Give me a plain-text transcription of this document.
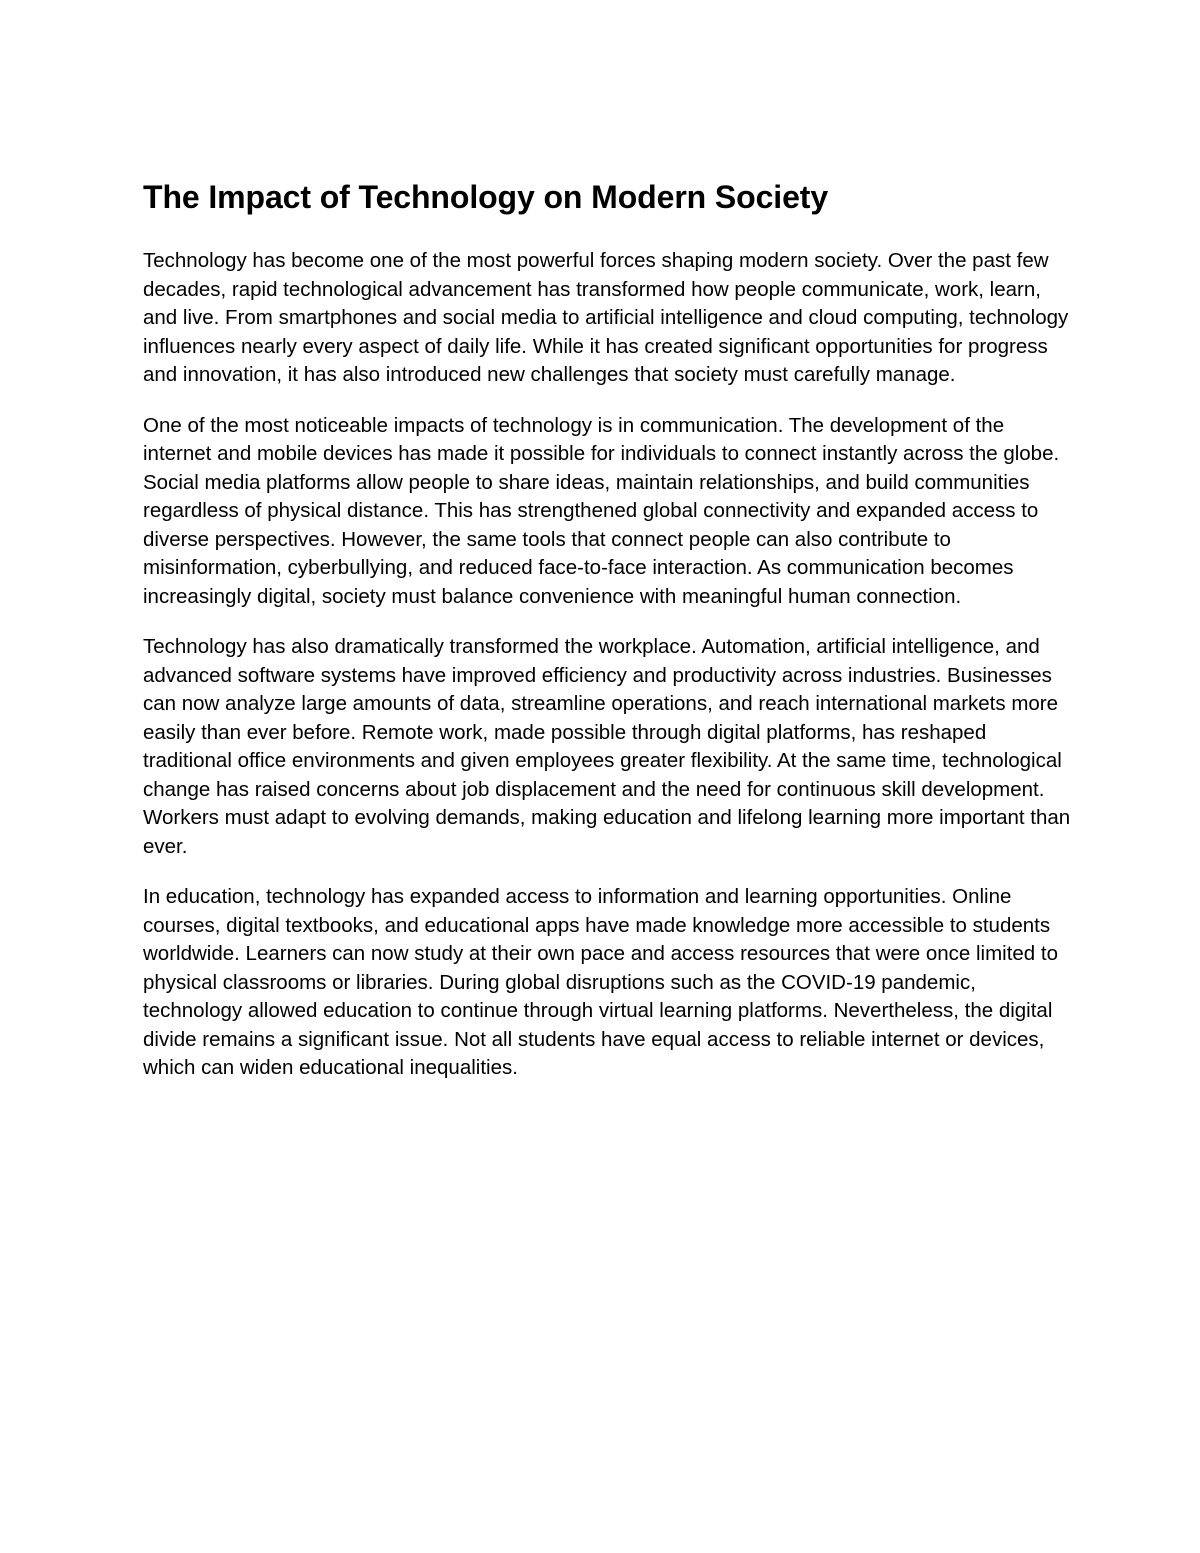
The Impact of Technology on Modern Society

Technology has become one of the most powerful forces shaping modern society. Over the past few decades, rapid technological advancement has transformed how people communicate, work, learn, and live. From smartphones and social media to artificial intelligence and cloud computing, technology influences nearly every aspect of daily life. While it has created significant opportunities for progress and innovation, it has also introduced new challenges that society must carefully manage.

One of the most noticeable impacts of technology is in communication. The development of the internet and mobile devices has made it possible for individuals to connect instantly across the globe. Social media platforms allow people to share ideas, maintain relationships, and build communities regardless of physical distance. This has strengthened global connectivity and expanded access to diverse perspectives. However, the same tools that connect people can also contribute to misinformation, cyberbullying, and reduced face-to-face interaction. As communication becomes increasingly digital, society must balance convenience with meaningful human connection.

Technology has also dramatically transformed the workplace. Automation, artificial intelligence, and advanced software systems have improved efficiency and productivity across industries. Businesses can now analyze large amounts of data, streamline operations, and reach international markets more easily than ever before. Remote work, made possible through digital platforms, has reshaped traditional office environments and given employees greater flexibility. At the same time, technological change has raised concerns about job displacement and the need for continuous skill development. Workers must adapt to evolving demands, making education and lifelong learning more important than ever.

In education, technology has expanded access to information and learning opportunities. Online courses, digital textbooks, and educational apps have made knowledge more accessible to students worldwide. Learners can now study at their own pace and access resources that were once limited to physical classrooms or libraries. During global disruptions such as the COVID-19 pandemic, technology allowed education to continue through virtual learning platforms. Nevertheless, the digital divide remains a significant issue. Not all students have equal access to reliable internet or devices, which can widen educational inequalities.
